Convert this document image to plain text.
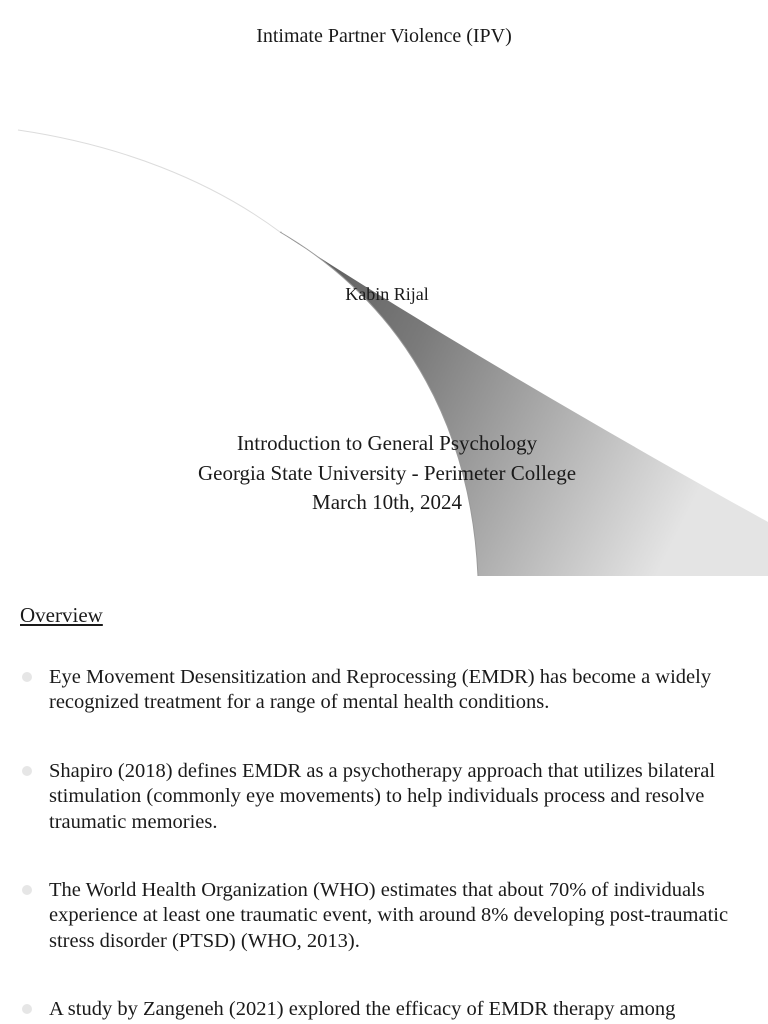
Intimate Partner Violence (IPV)
Kabin Rijal
Introduction to General Psychology
Georgia State University - Perimeter College
March 10th, 2024
Overview
Eye Movement Desensitization and Reprocessing (EMDR) has become a widely recognized treatment for a range of mental health conditions.
Shapiro (2018) defines EMDR as a psychotherapy approach that utilizes bilateral stimulation (commonly eye movements) to help individuals process and resolve traumatic memories.
The World Health Organization (WHO) estimates that about 70% of individuals experience at least one traumatic event, with around 8% developing post-traumatic stress disorder (PTSD) (WHO, 2013).
A study by Zangeneh (2021) explored the efficacy of EMDR therapy among
